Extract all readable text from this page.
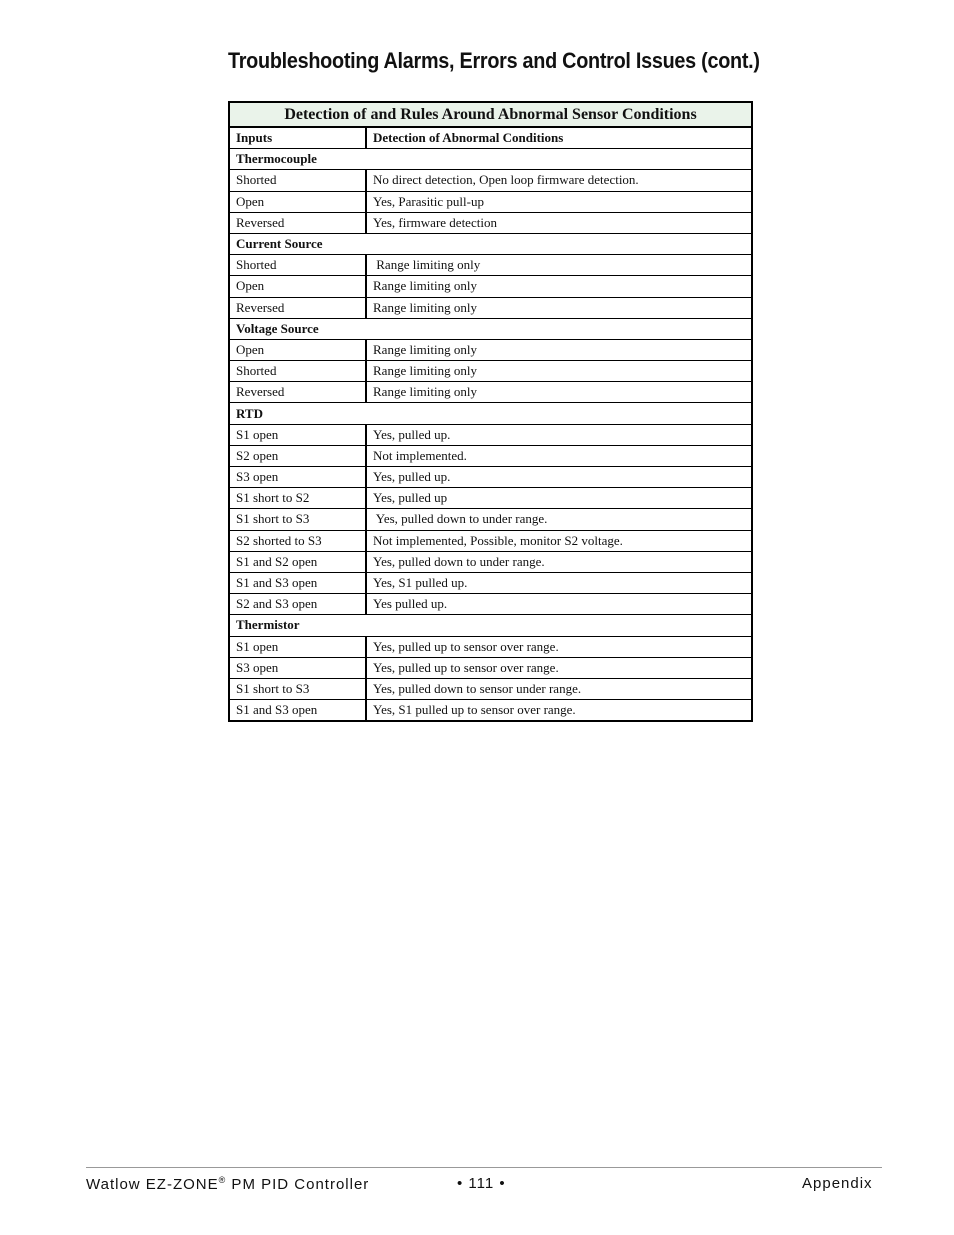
Troubleshooting Alarms, Errors and Control Issues (cont.)
Detection of and Rules Around Abnormal Sensor Conditions	
Inputs	Detection of Abnormal Conditions
Thermocouple	
Shorted	No direct detection, Open loop firmware detection.
Open	Yes, Parasitic pull-up
Reversed	Yes, firmware detection
Current Source	
Shorted	Range limiting only
Open	Range limiting only
Reversed	Range limiting only
Voltage Source	
Open	Range limiting only
Shorted	Range limiting only
Reversed	Range limiting only
RTD	
S1 open	Yes, pulled up.
S2 open	Not implemented.
S3 open	Yes, pulled up.
S1 short to S2	Yes, pulled up
S1 short to S3	Yes, pulled down to under range.
S2 shorted to S3	Not implemented, Possible, monitor S2 voltage.
S1 and S2 open	Yes, pulled down to under range.
S1 and S3 open	Yes, S1 pulled up.
S2 and S3 open	Yes pulled up.
Thermistor	
S1 open	Yes, pulled up to sensor over range.
S3 open	Yes, pulled up to sensor over range.
S1 short to S3	Yes, pulled down to sensor under range.
S1 and S3 open	Yes, S1 pulled up to sensor over range.
Watlow EZ-ZONE® PM PID Controller	• 111 •	Appendix
